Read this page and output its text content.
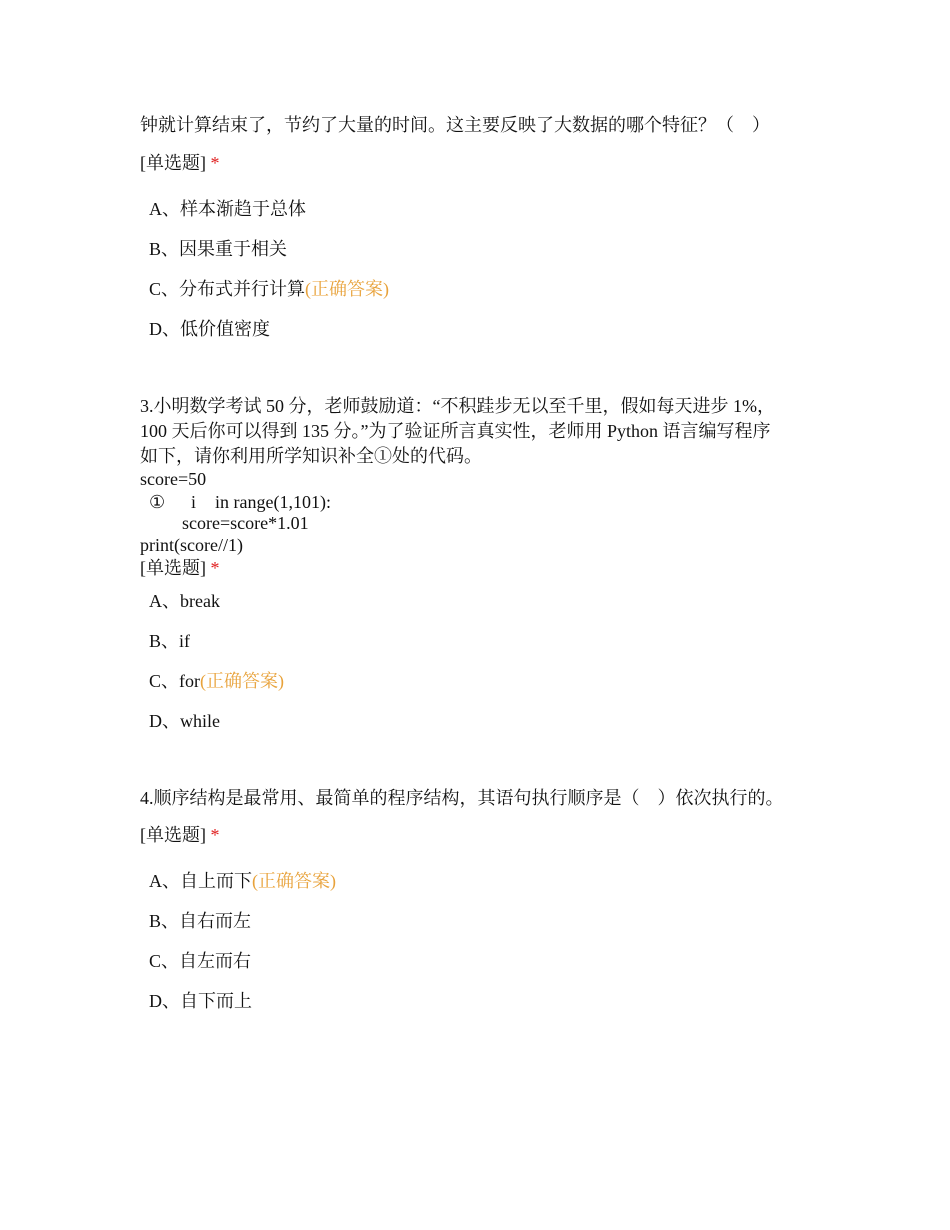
钟就计算结束了，节约了大量的时间。这主要反映了大数据的哪个特征？（　）
[单选题] *
A、样本渐趋于总体
B、因果重于相关
C、分布式并行计算(正确答案)
D、低价值密度
3.小明数学考试 50 分，老师鼓励道：“不积跬步无以至千里，假如每天进步 1%，
100 天后你可以得到 135 分。”为了验证所言真实性，老师用 Python 语言编写程序
如下，请你利用所学知识补全①处的代码。
score=50
① i in range(1,101):
score=score*1.01
print(score//1)
[单选题] *
A、break
B、if
C、for(正确答案)
D、while
4.顺序结构是最常用、最简单的程序结构，其语句执行顺序是（　）依次执行的。
[单选题] *
A、自上而下(正确答案)
B、自右而左
C、自左而右
D、自下而上
